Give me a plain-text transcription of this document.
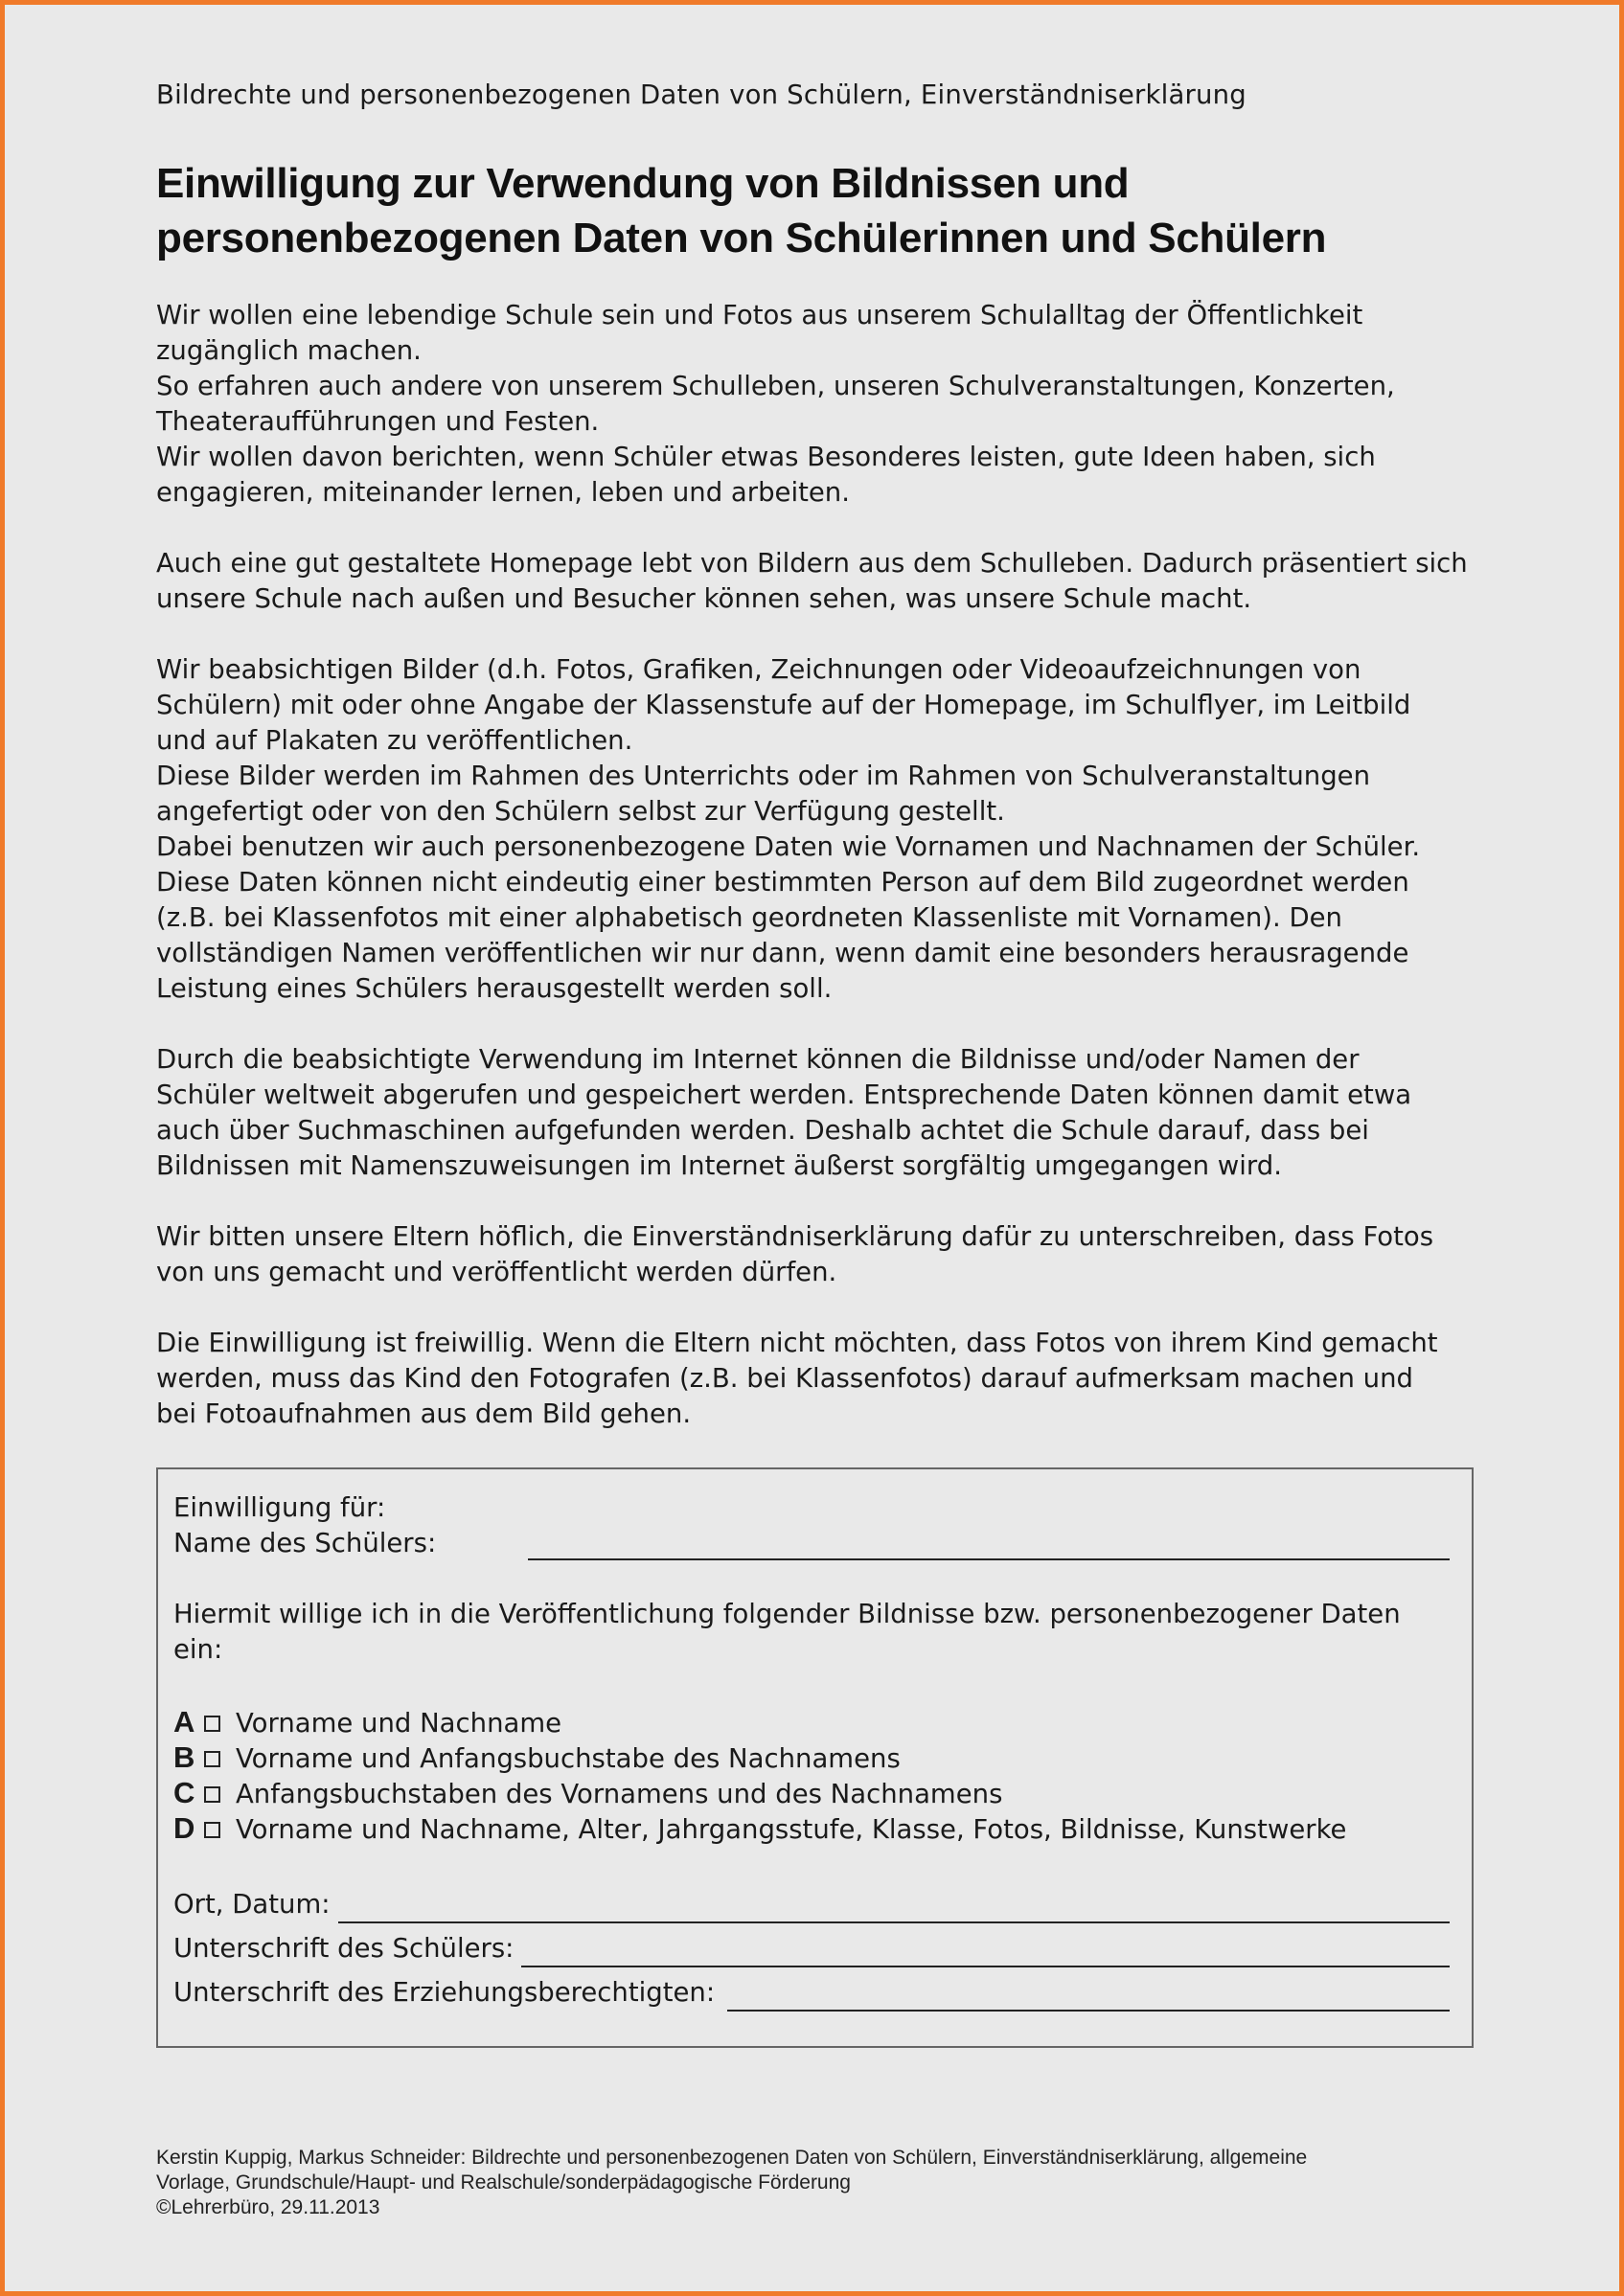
Bildrechte und personenbezogenen Daten von Schülern, Einverständniserklärung
Einwilligung zur Verwendung von Bildnissen und
personenbezogenen Daten von Schülerinnen und Schülern
Wir wollen eine lebendige Schule sein und Fotos aus unserem Schulalltag der Öffentlichkeit
zugänglich machen.
So erfahren auch andere von unserem Schulleben, unseren Schulveranstaltungen, Konzerten,
Theateraufführungen und Festen.
Wir wollen davon berichten, wenn Schüler etwas Besonderes leisten, gute Ideen haben, sich
engagieren, miteinander lernen, leben und arbeiten.
Auch eine gut gestaltete Homepage lebt von Bildern aus dem Schulleben. Dadurch präsentiert sich
unsere Schule nach außen und Besucher können sehen, was unsere Schule macht.
Wir beabsichtigen Bilder (d.h. Fotos, Grafiken, Zeichnungen oder Videoaufzeichnungen von
Schülern) mit oder ohne Angabe der Klassenstufe auf der Homepage, im Schulflyer, im Leitbild
und auf Plakaten zu veröffentlichen.
Diese Bilder werden im Rahmen des Unterrichts oder im Rahmen von Schulveranstaltungen
angefertigt oder von den Schülern selbst zur Verfügung gestellt.
Dabei benutzen wir auch personenbezogene Daten wie Vornamen und Nachnamen der Schüler.
Diese Daten können nicht eindeutig einer bestimmten Person auf dem Bild zugeordnet werden
(z.B. bei Klassenfotos mit einer alphabetisch geordneten Klassenliste mit Vornamen). Den
vollständigen Namen veröffentlichen wir nur dann, wenn damit eine besonders herausragende
Leistung eines Schülers herausgestellt werden soll.
Durch die beabsichtigte Verwendung im Internet können die Bildnisse und/oder Namen der
Schüler weltweit abgerufen und gespeichert werden. Entsprechende Daten können damit etwa
auch über Suchmaschinen aufgefunden werden. Deshalb achtet die Schule darauf, dass bei
Bildnissen mit Namenszuweisungen im Internet äußerst sorgfältig umgegangen wird.
Wir bitten unsere Eltern höflich, die Einverständniserklärung dafür zu unterschreiben, dass Fotos
von uns gemacht und veröffentlicht werden dürfen.
Die Einwilligung ist freiwillig. Wenn die Eltern nicht möchten, dass Fotos von ihrem Kind gemacht
werden, muss das Kind den Fotografen (z.B. bei Klassenfotos) darauf aufmerksam machen und
bei Fotoaufnahmen aus dem Bild gehen.
Einwilligung für:
Name des Schülers:
Hiermit willige ich in die Veröffentlichung folgender Bildnisse bzw. personenbezogener Daten
ein:
A Vorname und Nachname
B Vorname und Anfangsbuchstabe des Nachnamens
C Anfangsbuchstaben des Vornamens und des Nachnamens
D Vorname und Nachname, Alter, Jahrgangsstufe, Klasse, Fotos, Bildnisse, Kunstwerke
Ort, Datum:
Unterschrift des Schülers:
Unterschrift des Erziehungsberechtigten:
Kerstin Kuppig, Markus Schneider: Bildrechte und personenbezogenen Daten von Schülern, Einverständniserklärung, allgemeine
Vorlage, Grundschule/Haupt- und Realschule/sonderpädagogische Förderung
©Lehrerbüro, 29.11.2013
